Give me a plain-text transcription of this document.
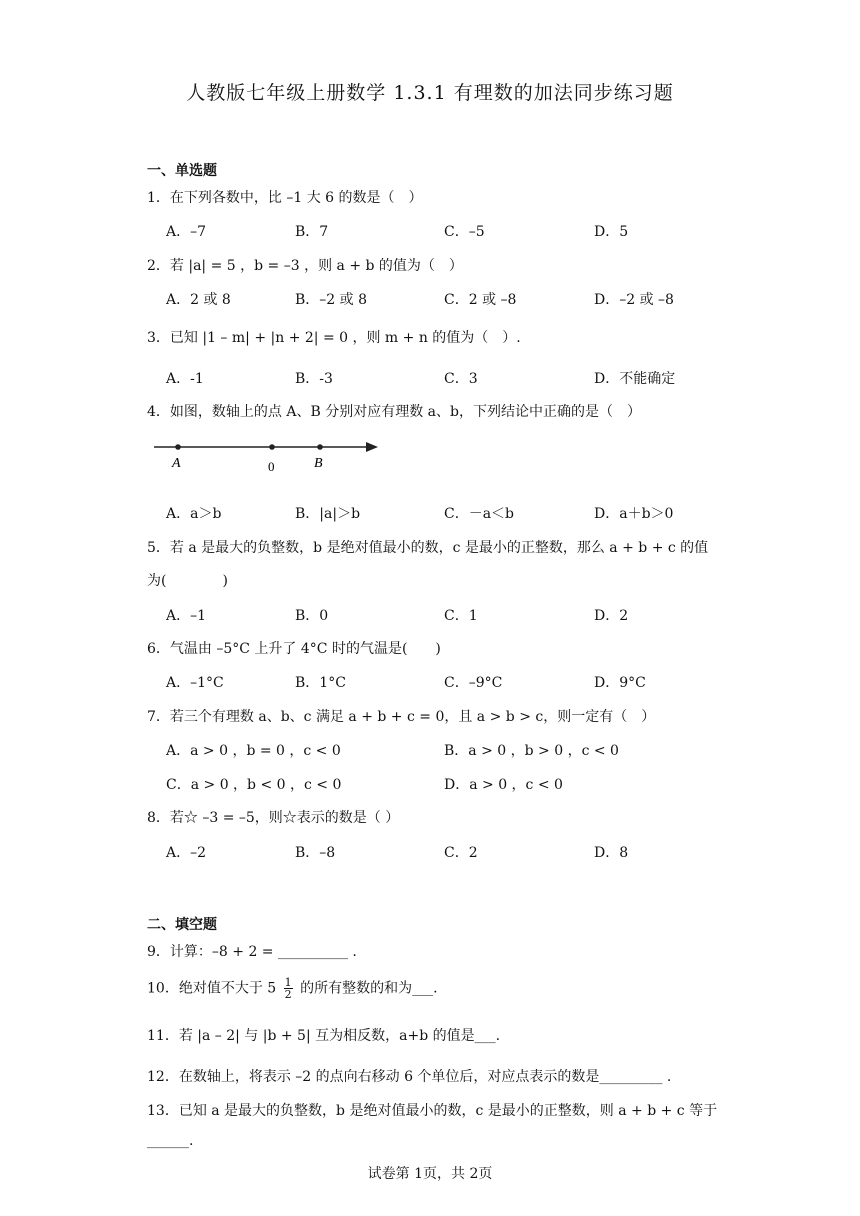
人教版七年级上册数学 1.3.1 有理数的加法同步练习题
一、单选题
1．在下列各数中，比 –1 大 6 的数是（　）
A．–7	B．7	C．–5	D．5
2．若 |a| = 5 ，b = –3 ，则 a + b 的值为（　）
A．2 或 8	B．–2 或 8	C．2 或 –8	D．–2 或 –8
3．已知 |1 – m| + |n + 2| = 0 ，则 m + n 的值为（　）.
A．-1	B．-3	C．3	D．不能确定
4．如图，数轴上的点 A、B 分别对应有理数 a、b，下列结论中正确的是（　）
A	0	B
A．a＞b	B．|a|＞b	C．－a＜b	D．a＋b＞0
5．若 a 是最大的负整数，b 是绝对值最小的数，c 是最小的正整数，那么 a + b + c 的值
为(　　　　)
A．–1	B．0	C．1	D．2
6．气温由 –5°C 上升了 4°C 时的气温是(　　)
A．–1°C	B．1°C	C．–9°C	D．9°C
7．若三个有理数 a、b、c 满足 a + b + c = 0，且 a > b > c，则一定有（　）
A．a > 0 ，b = 0 ，c < 0	B．a > 0 ，b > 0 ，c < 0
C．a > 0 ，b < 0 ，c < 0	D．a > 0 ，c < 0
8．若☆ –3 = –5，则☆表示的数是（ ）
A．–2	B．–8	C．2	D．8
二、填空题
9．计算：–8 + 2 = __________ .
10．绝对值不大于 $5 \frac{1}{2}$ 的所有整数的和为___.
11．若 |a – 2| 与 |b + 5| 互为相反数，a+b 的值是___.
12．在数轴上，将表示 –2 的点向右移动 6 个单位后，对应点表示的数是_________ .
13．已知 a 是最大的负整数，b 是绝对值最小的数，c 是最小的正整数，则 a + b + c 等于
______.
试卷第 1页，共 2页
